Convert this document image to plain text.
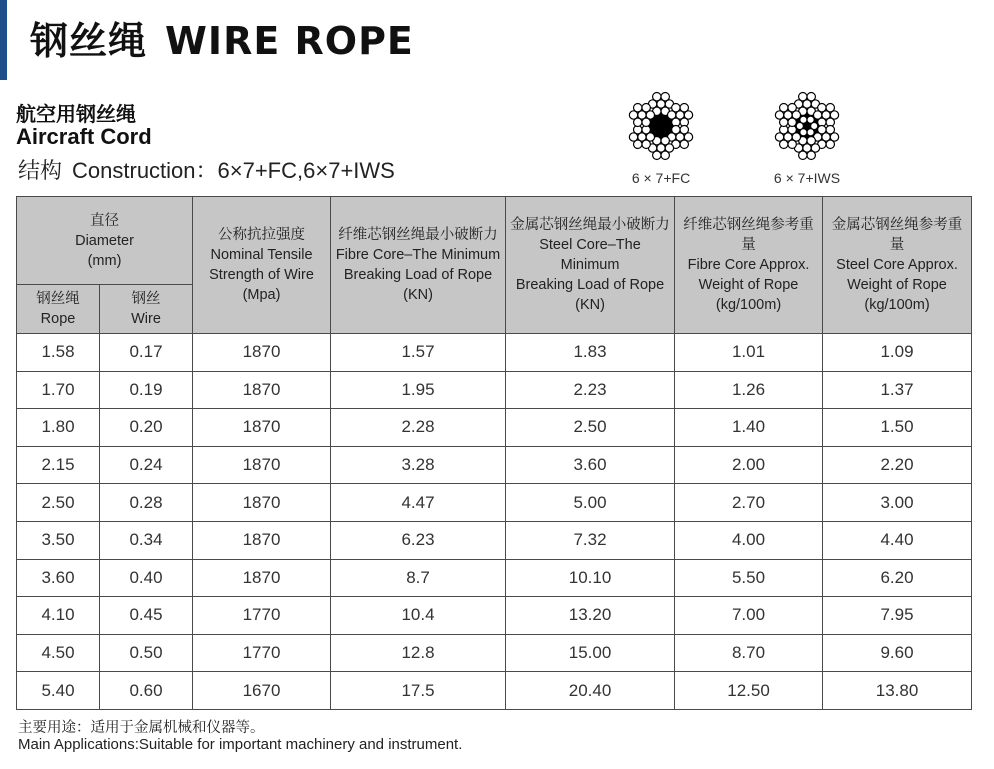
钢丝绳 WIRE ROPE
航空用钢丝绳
Aircraft Cord
结构 Construction：6×7+FC,6×7+IWS	6 × 7+FC	6 × 7+IWS
直径
Diameter
(mm)		公称抗拉强度
Nominal Tensile
Strength of Wire
(Mpa)	纤维芯钢丝绳最小破断力
Fibre Core–The Minimum
Breaking Load of Rope
(KN)	金属芯钢丝绳最小破断力
Steel Core–The Minimum
Breaking Load of Rope
(KN)	纤维芯钢丝绳参考重量
Fibre Core Approx.
Weight of Rope
(kg/100m)	金属芯钢丝绳参考重量
Steel Core Approx.
Weight of Rope
(kg/100m)

钢丝绳
Rope	钢丝
Wire					

1.58	0.17	1870	1.57	1.83	1.01	1.09
1.70	0.19	1870	1.95	2.23	1.26	1.37
1.80	0.20	1870	2.28	2.50	1.40	1.50
2.15	0.24	1870	3.28	3.60	2.00	2.20
2.50	0.28	1870	4.47	5.00	2.70	3.00
3.50	0.34	1870	6.23	7.32	4.00	4.40
3.60	0.40	1870	8.7	10.10	5.50	6.20
4.10	0.45	1770	10.4	13.20	7.00	7.95
4.50	0.50	1770	12.8	15.00	8.70	9.60
5.40	0.60	1670	17.5	20.40	12.50	13.80
主要用途：适用于金属机械和仪器等。
Main Applications:Suitable for important machinery and instrument.
